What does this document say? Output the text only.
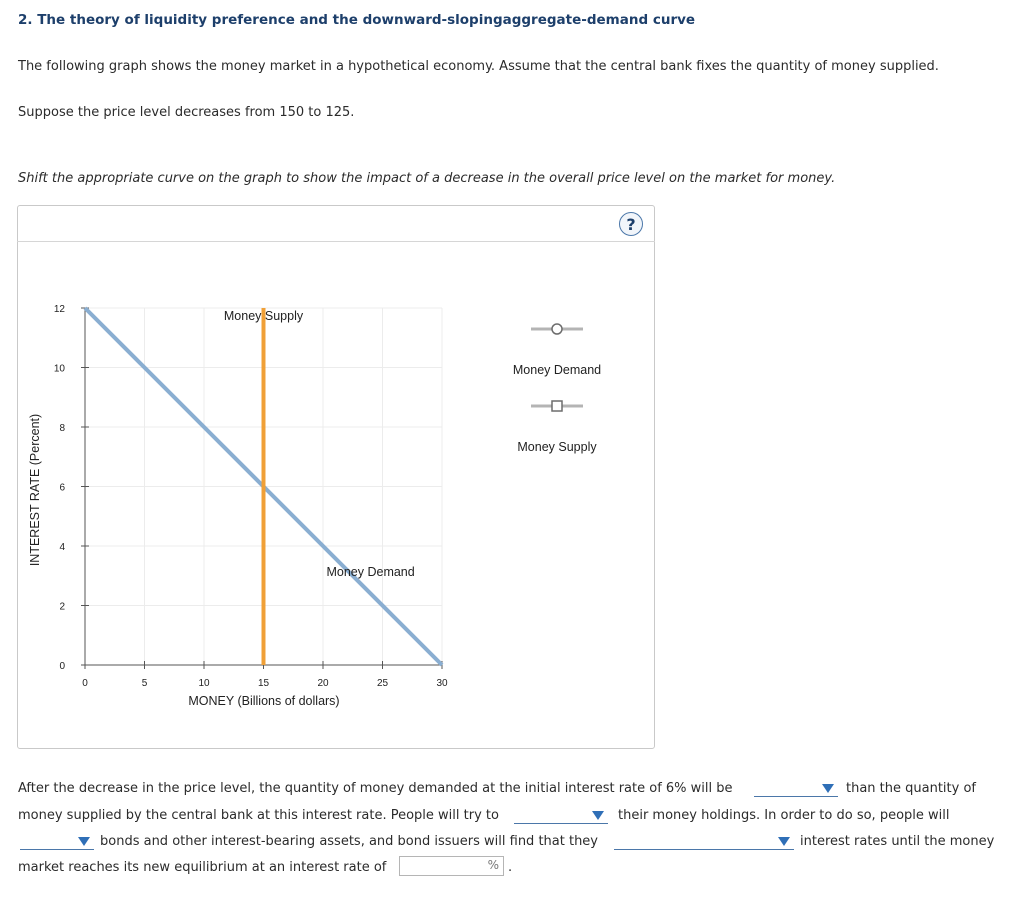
2. The theory of liquidity preference and the downward-slopingaggregate-demand curve
The following graph shows the money market in a hypothetical economy. Assume that the central bank fixes the quantity of money supplied.
Suppose the price level decreases from 150 to 125.
Shift the appropriate curve on the graph to show the impact of a decrease in the overall price level on the market for money.
?
0	5	10	15	20	25	30
0
2
4
6
8
10
12	Money Supply
Money Demand
MONEY (Billions of dollars)
INTEREST RATE (Percent)
Money Demand
Money Supply
After the decrease in the price level, the quantity of money demanded at the initial interest rate of 6% will be	than the quantity of
money supplied by the central bank at this interest rate. People will try to	their money holdings. In order to do so, people will
bonds and other interest-bearing assets, and bond issuers will find that they	interest rates until the money
market reaches its new equilibrium at an interest rate of	% .
